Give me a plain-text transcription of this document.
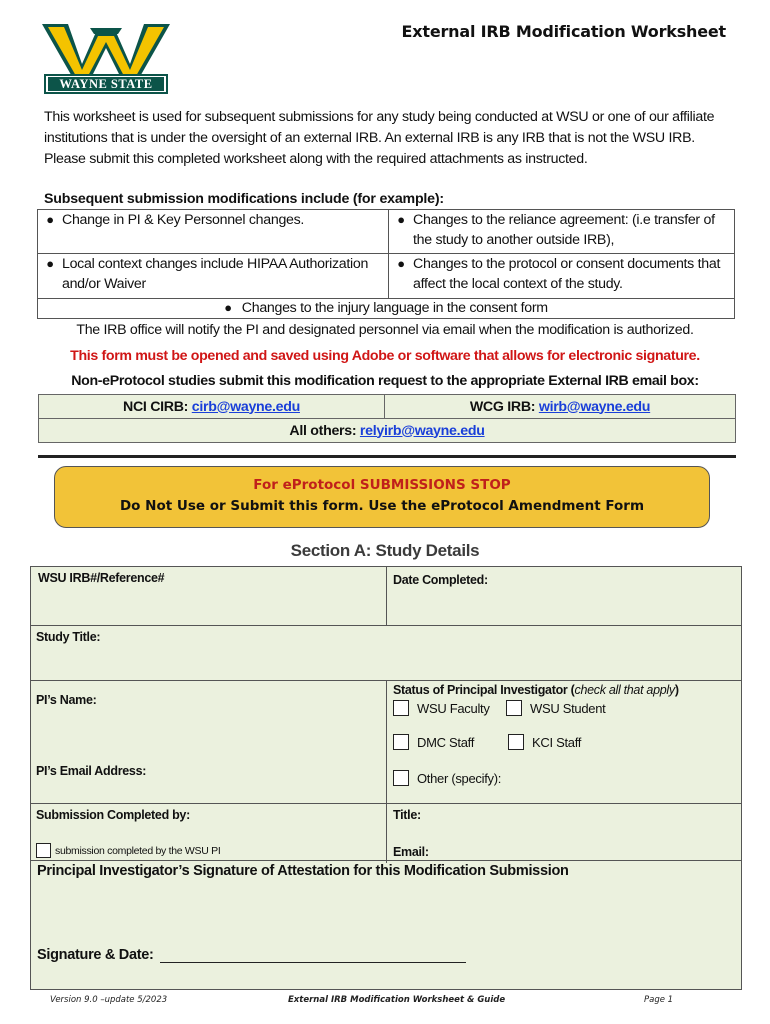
WAYNE STATE
External IRB Modification Worksheet

This worksheet is used for subsequent submissions for any study being conducted at WSU or one of our affiliate institutions that is under the oversight of an external IRB. An external IRB is any IRB that is not the WSU IRB. Please submit this completed worksheet along with the required attachments as instructed.

Subsequent submission modifications include (for example):
● Change in PI & Key Personnel changes.	● Changes to the reliance agreement: (i.e transfer of the study to another outside IRB),

● Local context changes include HIPAA Authorization and/or Waiver	● Changes to the protocol or consent documents that affect the local context of the study.

● Changes to the injury language in the consent form	
The IRB office will notify the PI and designated personnel via email when the modification is authorized.
This form must be opened and saved using Adobe or software that allows for electronic signature.
Non-eProtocol studies submit this modification request to the appropriate External IRB email box:
NCI CIRB: cirb@wayne.edu	WCG IRB: wirb@wayne.edu
All others: relyirb@wayne.edu
For eProtocol SUBMISSIONS STOP
Do Not Use or Submit this form. Use the eProtocol Amendment Form
Section A: Study Details
WSU IRB#/Reference#	Date Completed:
Study Title:
PI’s Name:
PI’s Email Address:
Status of Principal Investigator (check all that apply)
WSU Faculty	WSU Student
DMC Staff	KCI Staff
Other (specify):
Submission Completed by:	Title:
submission completed by the WSU PI	Email:
Principal Investigator’s Signature of Attestation for this Modification Submission
Signature & Date:
Version 9.0 –update 5/2023	External IRB Modification Worksheet & Guide	Page 1
